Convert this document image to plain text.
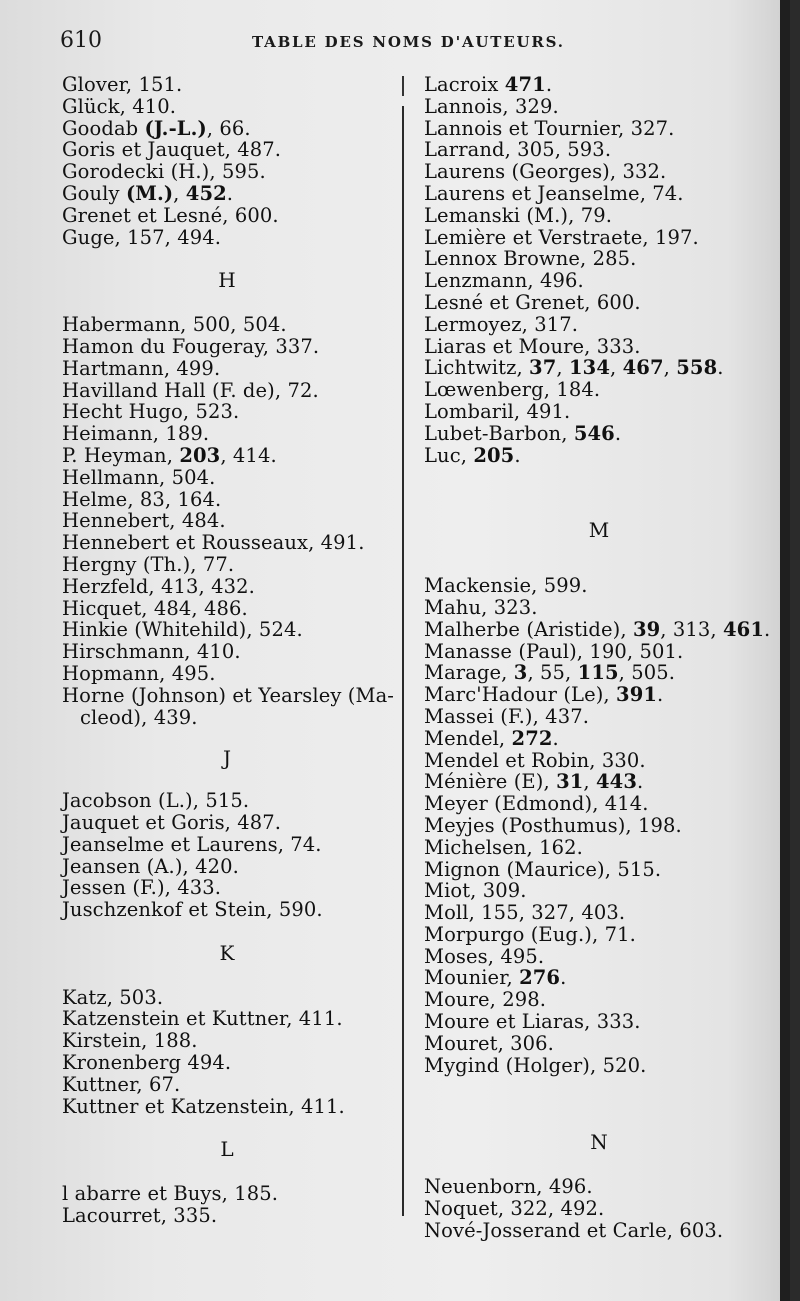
610	TABLE DES NOMS D'AUTEURS.
Glover, 151.
Glück, 410.
Goodab (J.-L.), 66.
Goris et Jauquet, 487.
Gorodecki (H.), 595.
Gouly (M.), 452.
Grenet et Lesné, 600.
Guge, 157, 494.
H
Habermann, 500, 504.
Hamon du Fougeray, 337.
Hartmann, 499.
Havilland Hall (F. de), 72.
Hecht Hugo, 523.
Heimann, 189.
P. Heyman, 203, 414.
Hellmann, 504.
Helme, 83, 164.
Hennebert, 484.
Hennebert et Rousseaux, 491.
Hergny (Th.), 77.
Herzfeld, 413, 432.
Hicquet, 484, 486.
Hinkie (Whitehild), 524.
Hirschmann, 410.
Hopmann, 495.
Horne (Johnson) et Yearsley (Ma-
cleod), 439.
J
Jacobson (L.), 515.
Jauquet et Goris, 487.
Jeanselme et Laurens, 74.
Jeansen (A.), 420.
Jessen (F.), 433.
Juschzenkof et Stein, 590.
K
Katz, 503.
Katzenstein et Kuttner, 411.
Kirstein, 188.
Kronenberg 494.
Kuttner, 67.
Kuttner et Katzenstein, 411.
L
l abarre et Buys, 185.
Lacourret, 335.
Lacroix 471.
Lannois, 329.
Lannois et Tournier, 327.
Larrand, 305, 593.
Laurens (Georges), 332.
Laurens et Jeanselme, 74.
Lemanski (M.), 79.
Lemière et Verstraete, 197.
Lennox Browne, 285.
Lenzmann, 496.
Lesné et Grenet, 600.
Lermoyez, 317.
Liaras et Moure, 333.
Lichtwitz, 37, 134, 467, 558.
Lœwenberg, 184.
Lombaril, 491.
Lubet-Barbon, 546.
Luc, 205.
M
Mackensie, 599.
Mahu, 323.
Malherbe (Aristide), 39, 313, 461.
Manasse (Paul), 190, 501.
Marage, 3, 55, 115, 505.
Marc'Hadour (Le), 391.
Massei (F.), 437.
Mendel, 272.
Mendel et Robin, 330.
Ménière (E), 31, 443.
Meyer (Edmond), 414.
Meyjes (Posthumus), 198.
Michelsen, 162.
Mignon (Maurice), 515.
Miot, 309.
Moll, 155, 327, 403.
Morpurgo (Eug.), 71.
Moses, 495.
Mounier, 276.
Moure, 298.
Moure et Liaras, 333.
Mouret, 306.
Mygind (Holger), 520.
N
Neuenborn, 496.
Noquet, 322, 492.
Nové-Josserand et Carle, 603.
